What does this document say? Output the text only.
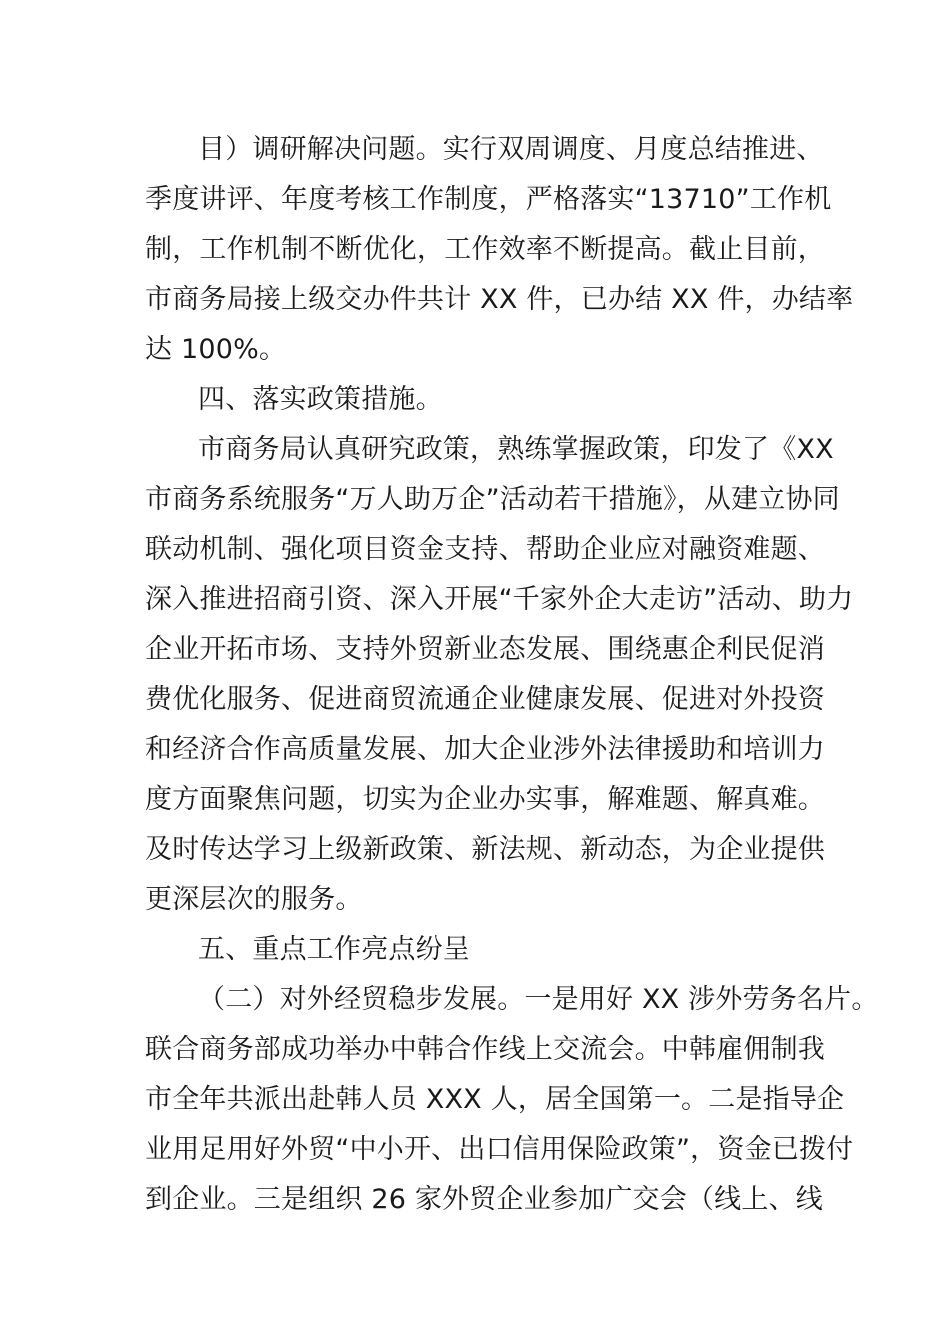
目）调研解决问题。实行双周调度、月度总结推进、
季度讲评、年度考核工作制度，严格落实“13710”工作机
制，工作机制不断优化，工作效率不断提高。截止目前，
市商务局接上级交办件共计 XX 件，已办结 XX 件，办结率
达 100%。
四、落实政策措施。
市商务局认真研究政策，熟练掌握政策，印发了《XX
市商务系统服务“万人助万企”活动若干措施》，从建立协同
联动机制、强化项目资金支持、帮助企业应对融资难题、
深入推进招商引资、深入开展“千家外企大走访”活动、助力
企业开拓市场、支持外贸新业态发展、围绕惠企利民促消
费优化服务、促进商贸流通企业健康发展、促进对外投资
和经济合作高质量发展、加大企业涉外法律援助和培训力
度方面聚焦问题，切实为企业办实事，解难题、解真难。
及时传达学习上级新政策、新法规、新动态，为企业提供
更深层次的服务。
五、重点工作亮点纷呈
（二）对外经贸稳步发展。一是用好 XX 涉外劳务名片。
联合商务部成功举办中韩合作线上交流会。中韩雇佣制我
市全年共派出赴韩人员 XXX 人，居全国第一。二是指导企
业用足用好外贸“中小开、出口信用保险政策”，资金已拨付
到企业。三是组织 26 家外贸企业参加广交会（线上、线
